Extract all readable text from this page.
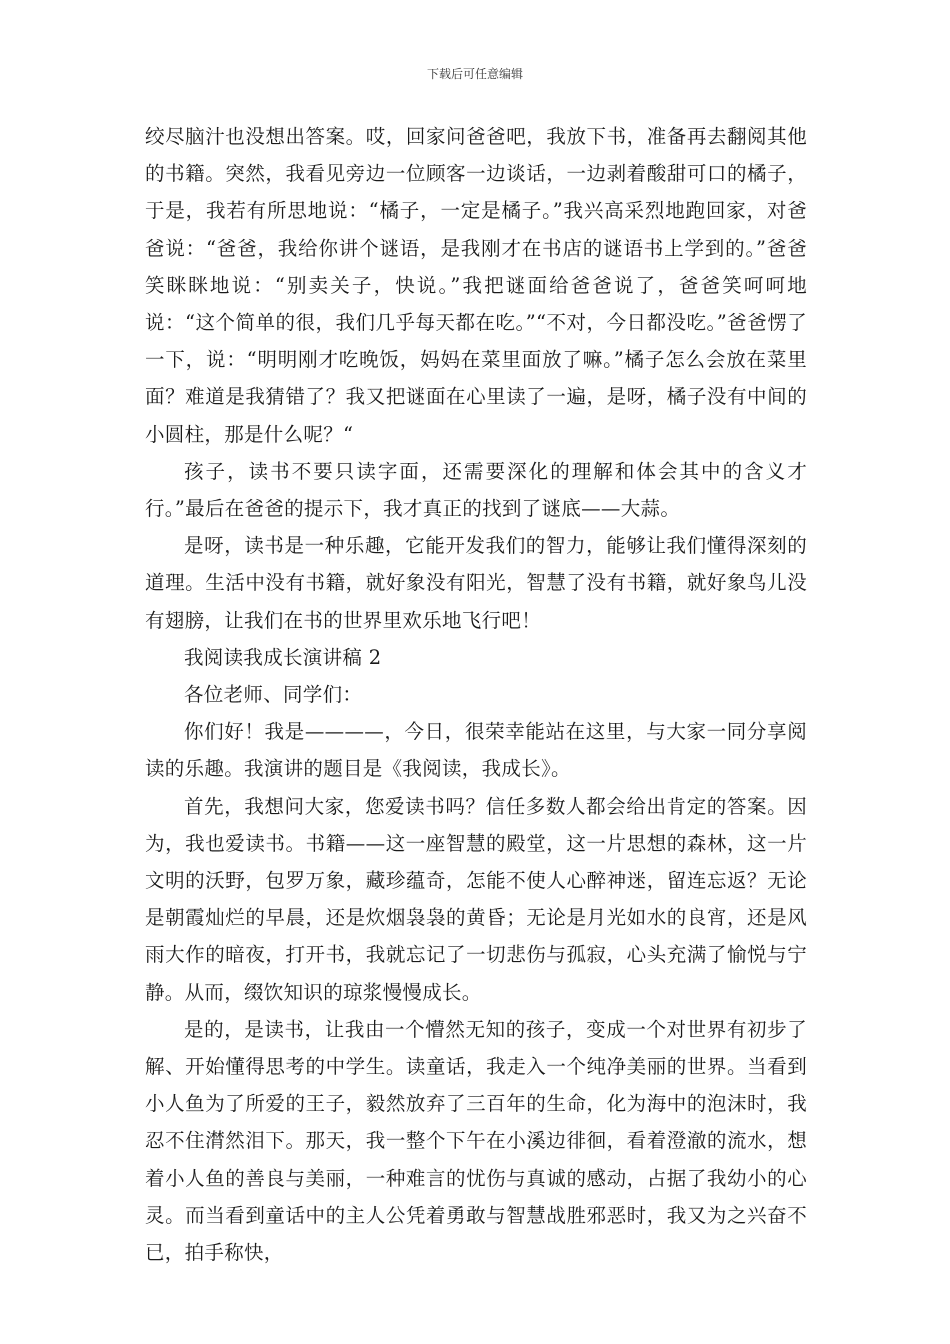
下载后可任意编辑

绞尽脑汁也没想出答案。哎，回家问爸爸吧，我放下书，准备再去翻阅其他的书籍。突然，我看见旁边一位顾客一边谈话，一边剥着酸甜可口的橘子，于是，我若有所思地说：“橘子，一定是橘子。”我兴高采烈地跑回家，对爸爸说：“爸爸，我给你讲个谜语，是我刚才在书店的谜语书上学到的。”爸爸笑眯眯地说：“别卖关子，快说。”我把谜面给爸爸说了，爸爸笑呵呵地说：“这个简单的很，我们几乎每天都在吃。”“不对，今日都没吃。”爸爸愣了一下，说：“明明刚才吃晚饭，妈妈在菜里面放了嘛。”橘子怎么会放在菜里面？难道是我猜错了？我又把谜面在心里读了一遍，是呀，橘子没有中间的小圆柱，那是什么呢？“

孩子，读书不要只读字面，还需要深化的理解和体会其中的含义才行。”最后在爸爸的提示下，我才真正的找到了谜底——大蒜。

是呀，读书是一种乐趣，它能开发我们的智力，能够让我们懂得深刻的道理。生活中没有书籍，就好象没有阳光，智慧了没有书籍，就好象鸟儿没有翅膀，让我们在书的世界里欢乐地飞行吧！

我阅读我成长演讲稿 2

各位老师、同学们：

你们好！我是————，今日，很荣幸能站在这里，与大家一同分享阅读的乐趣。我演讲的题目是《我阅读，我成长》。

首先，我想问大家，您爱读书吗？信任多数人都会给出肯定的答案。因为，我也爱读书。书籍——这一座智慧的殿堂，这一片思想的森林，这一片文明的沃野，包罗万象，藏珍蕴奇，怎能不使人心醉神迷，留连忘返？无论是朝霞灿烂的早晨，还是炊烟袅袅的黄昏；无论是月光如水的良宵，还是风雨大作的暗夜，打开书，我就忘记了一切悲伤与孤寂，心头充满了愉悦与宁静。从而，缀饮知识的琼浆慢慢成长。

是的，是读书，让我由一个懵然无知的孩子，变成一个对世界有初步了解、开始懂得思考的中学生。读童话，我走入一个纯净美丽的世界。当看到小人鱼为了所爱的王子，毅然放弃了三百年的生命，化为海中的泡沫时，我忍不住潸然泪下。那天，我一整个下午在小溪边徘徊，看着澄澈的流水，想着小人鱼的善良与美丽，一种难言的忧伤与真诚的感动，占据了我幼小的心灵。而当看到童话中的主人公凭着勇敢与智慧战胜邪恶时，我又为之兴奋不已，拍手称快，
